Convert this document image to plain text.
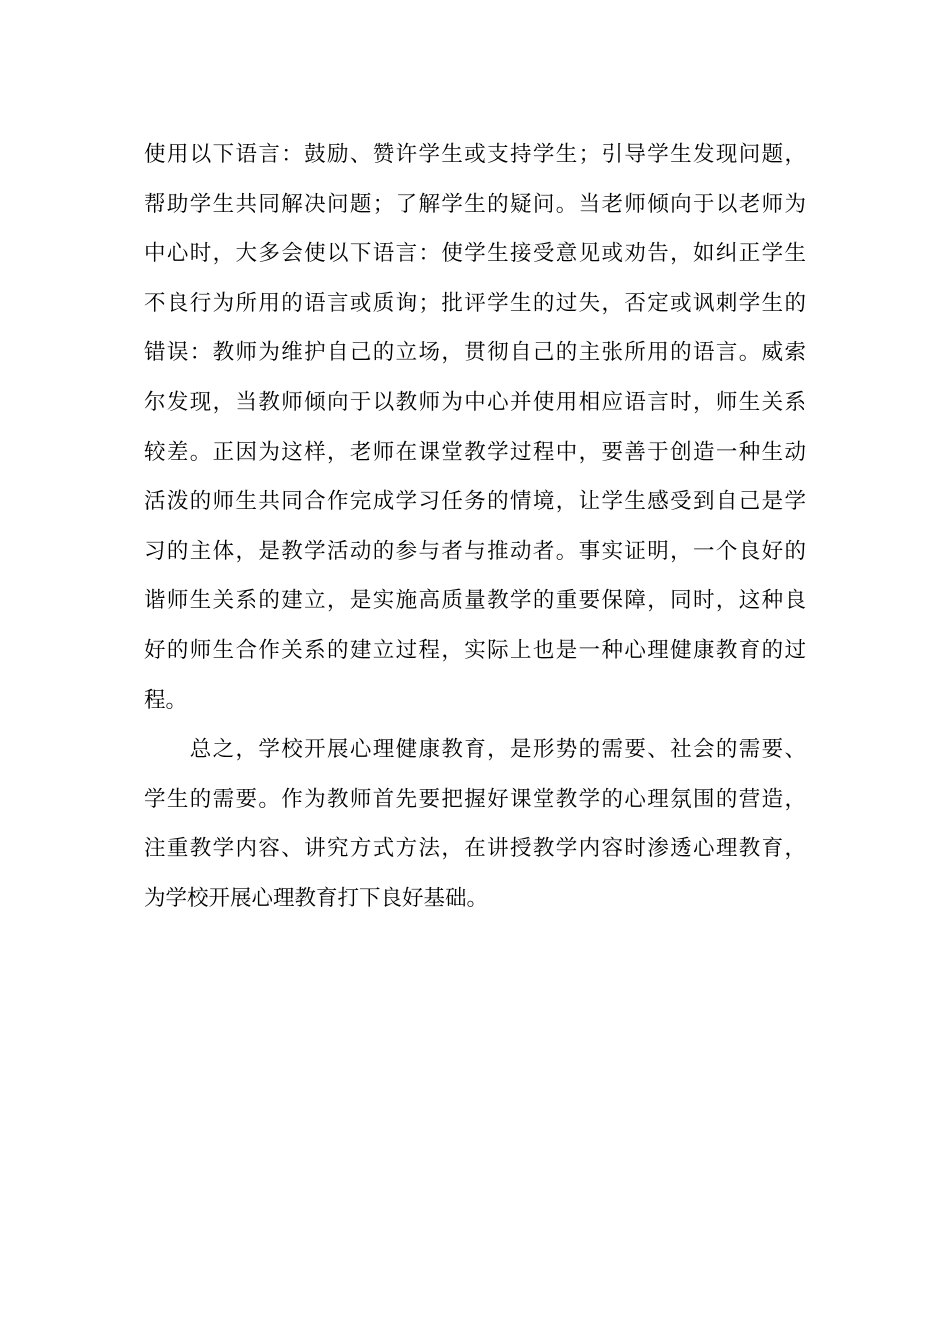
使用以下语言：鼓励、赞许学生或支持学生；引导学生发现问题，
帮助学生共同解决问题；了解学生的疑问。当老师倾向于以老师为
中心时，大多会使以下语言：使学生接受意见或劝告，如纠正学生
不良行为所用的语言或质询；批评学生的过失，否定或讽刺学生的
错误：教师为维护自己的立场，贯彻自己的主张所用的语言。威索
尔发现，当教师倾向于以教师为中心并使用相应语言时，师生关系
较差。正因为这样，老师在课堂教学过程中，要善于创造一种生动
活泼的师生共同合作完成学习任务的情境，让学生感受到自己是学
习的主体，是教学活动的参与者与推动者。事实证明，一个良好的
谐师生关系的建立，是实施高质量教学的重要保障，同时，这种良
好的师生合作关系的建立过程，实际上也是一种心理健康教育的过
程。
　　总之，学校开展心理健康教育，是形势的需要、社会的需要、
学生的需要。作为教师首先要把握好课堂教学的心理氛围的营造，
注重教学内容、讲究方式方法，在讲授教学内容时渗透心理教育，
为学校开展心理教育打下良好基础。
